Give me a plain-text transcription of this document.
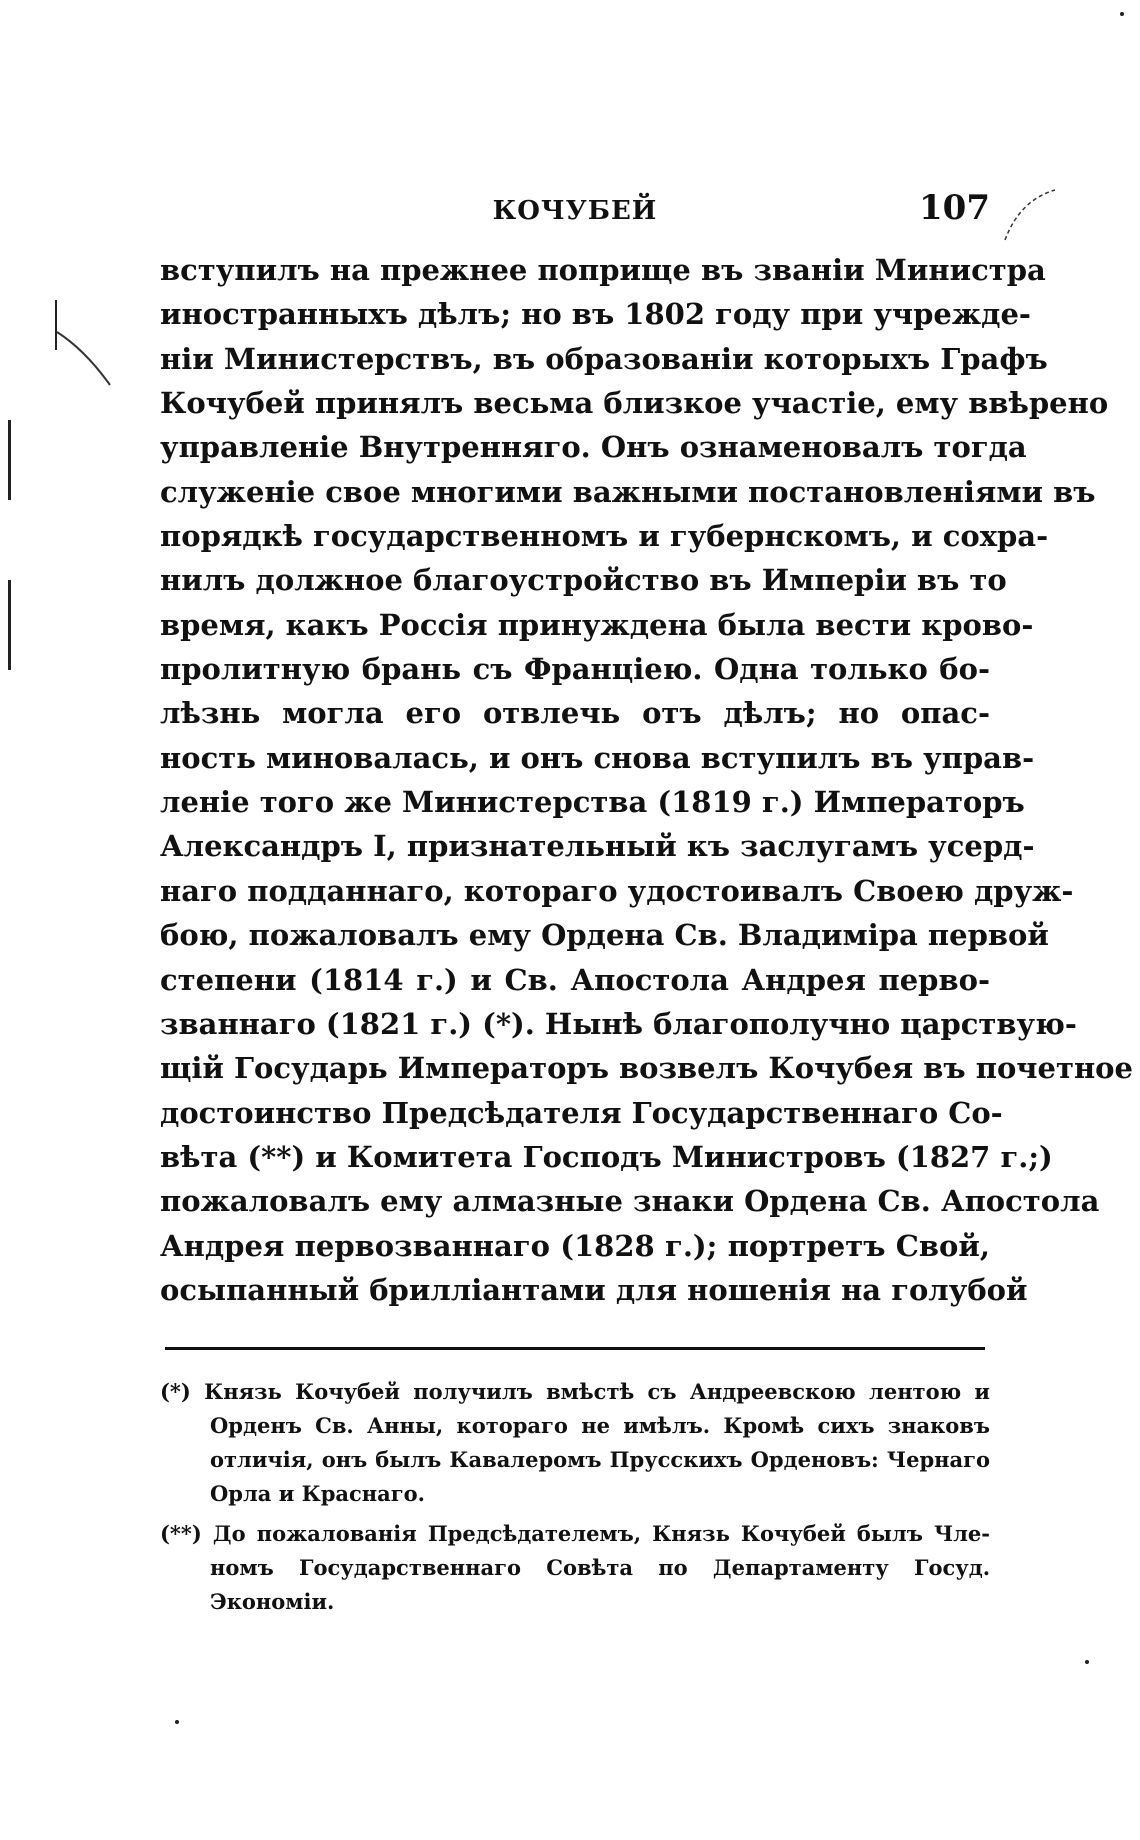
КОЧУБЕЙ	107
вступилъ на прежнее поприще въ званіи Министра
иностранныхъ дѣлъ; но въ 1802 году при учрежде-
ніи Министерствъ, въ образованіи которыхъ Графъ
Кочубей принялъ весьма близкое участіе, ему ввѣрено
управленіе Внутренняго. Онъ ознаменовалъ тогда
служеніе свое многими важными постановленіями въ
порядкѣ государственномъ и губернскомъ, и сохра-
нилъ должное благоустройство въ Имперіи въ то
время, какъ Россія принуждена была вести крово-
пролитную брань съ Франціею. Одна только бо-
лѣзнь могла его отвлечь отъ дѣлъ; но опас-
ность миновалась, и онъ снова вступилъ въ управ-
леніе того же Министерства (1819 г.) Императоръ
Александръ I, признательный къ заслугамъ усерд-
наго подданнаго, котораго удостоивалъ Своею друж-
бою, пожаловалъ ему Ордена Св. Владиміра первой
степени (1814 г.) и Св. Апостола Андрея перво-
званнаго (1821 г.) (*). Нынѣ благополучно царствую-
щій Государь Императоръ возвелъ Кочубея въ почетное
достоинство Предсѣдателя Государственнаго Со-
вѣта (**) и Комитета Господъ Министровъ (1827 г.;)
пожаловалъ ему алмазные знаки Ордена Св. Апостола
Андрея первозваннаго (1828 г.); портретъ Свой,
осыпанный брилліантами для ношенія на голубой
(*) Князь Кочубей получилъ вмѣстѣ съ Андреевскою лентою и
Орденъ Св. Анны, котораго не имѣлъ. Кромѣ сихъ знаковъ
отличія, онъ былъ Кавалеромъ Прусскихъ Орденовъ: Чернаго
Орла и Краснаго.
(**) До пожалованія Предсѣдателемъ, Князь Кочубей былъ Чле-
номъ Государственнаго Совѣта по Департаменту Госуд.
Экономіи.
